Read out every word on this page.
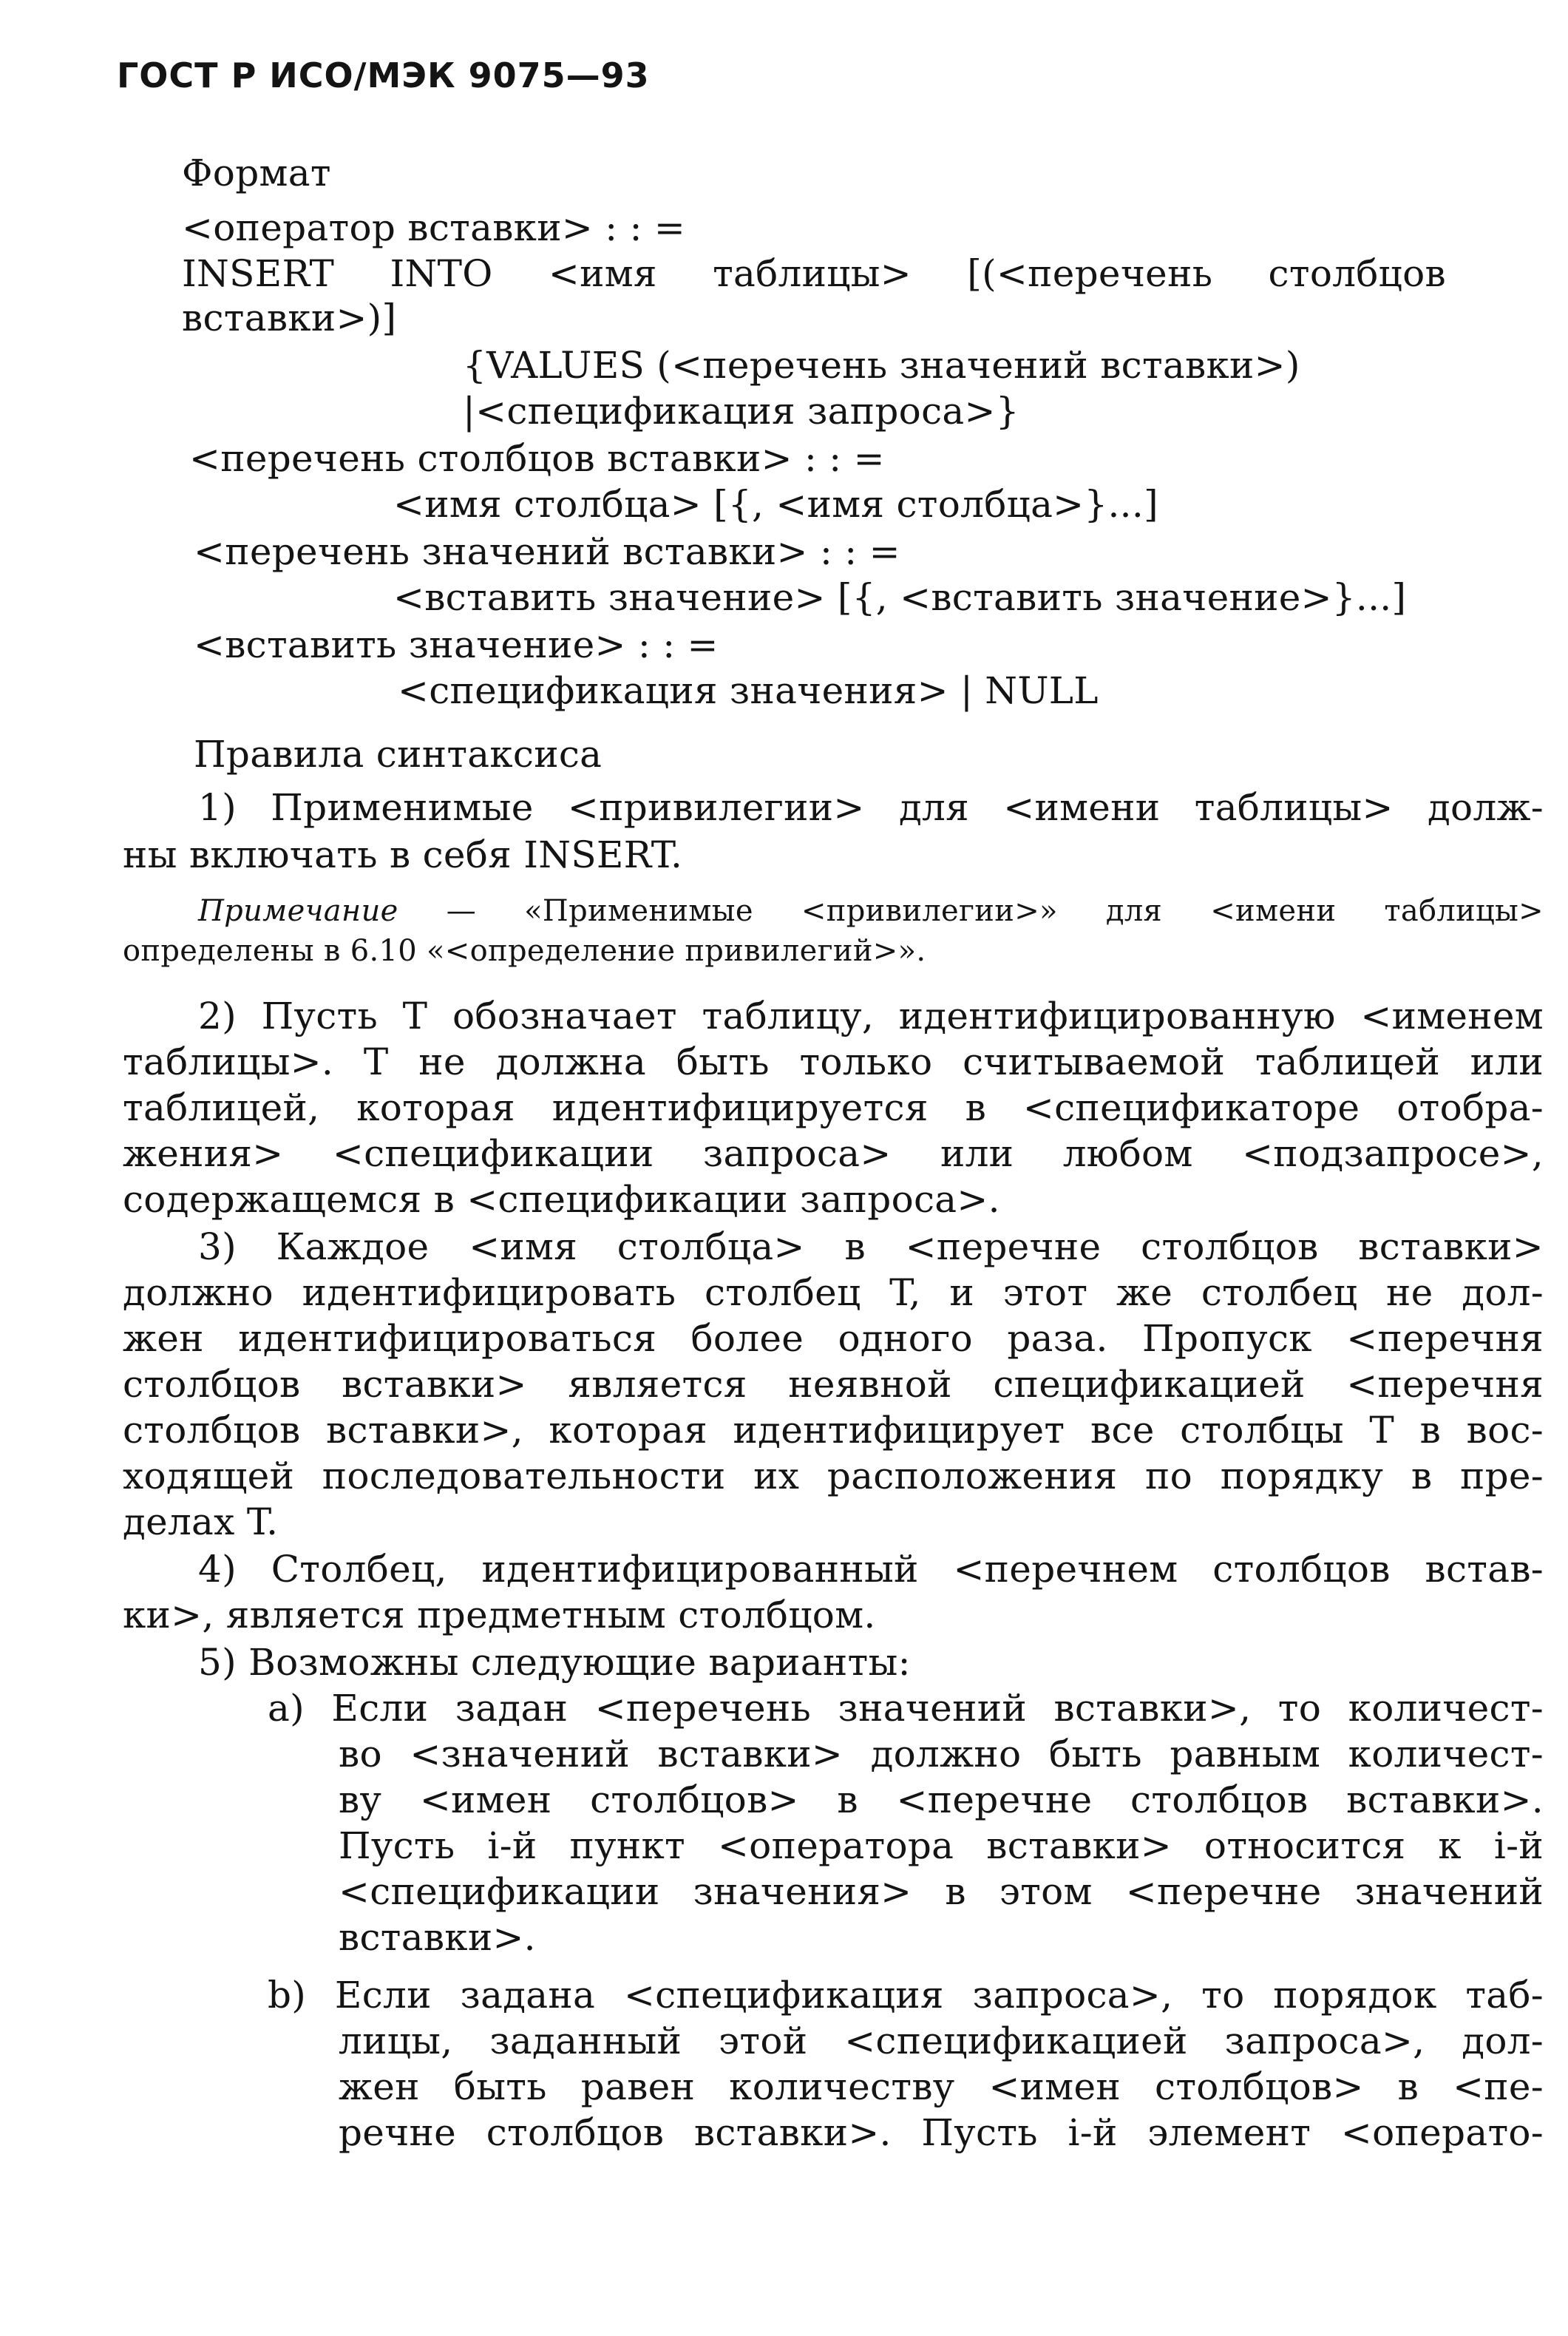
ГОСТ Р ИСО/МЭК 9075—93
Формат
<оператор вставки> : : =
INSERT INTO <имя таблицы> [(<перечень столбцов
вставки>)]
{VALUES (<перечень значений вставки>)
|<спецификация запроса>}
<перечень столбцов вставки> : : =
<имя столбца> [{, <имя столбца>}...]
<перечень значений вставки> : : =
<вставить значение> [{, <вставить значение>}...]
<вставить значение> : : =
<спецификация значения> | NULL
Правила синтаксиса
1) Применимые <привилегии> для <имени таблицы> долж-
ны включать в себя INSERT.
Примечание — «Применимые <привилегии>» для <имени таблицы>
определены в 6.10 «<определение привилегий>».
2) Пусть T обозначает таблицу, идентифицированную <именем
таблицы>. T не должна быть только считываемой таблицей или
таблицей, которая идентифицируется в <спецификаторе отобра-
жения> <спецификации запроса> или любом <подзапросе>,
содержащемся в <спецификации запроса>.
3) Каждое <имя столбца> в <перечне столбцов вставки>
должно идентифицировать столбец T, и этот же столбец не дол-
жен идентифицироваться более одного раза. Пропуск <перечня
столбцов вставки> является неявной спецификацией <перечня
столбцов вставки>, которая идентифицирует все столбцы T в вос-
ходящей последовательности их расположения по порядку в пре-
делах T.
4) Столбец, идентифицированный <перечнем столбцов встав-
ки>, является предметным столбцом.
5) Возможны следующие варианты:
a) Если задан <перечень значений вставки>, то количест-
во <значений вставки> должно быть равным количест-
ву <имен столбцов> в <перечне столбцов вставки>.
Пусть i-й пункт <оператора вставки> относится к i-й
<спецификации значения> в этом <перечне значений
вставки>.
b) Если задана <спецификация запроса>, то порядок таб-
лицы, заданный этой <спецификацией запроса>, дол-
жен быть равен количеству <имен столбцов> в <пе-
речне столбцов вставки>. Пусть i-й элемент <операто-
